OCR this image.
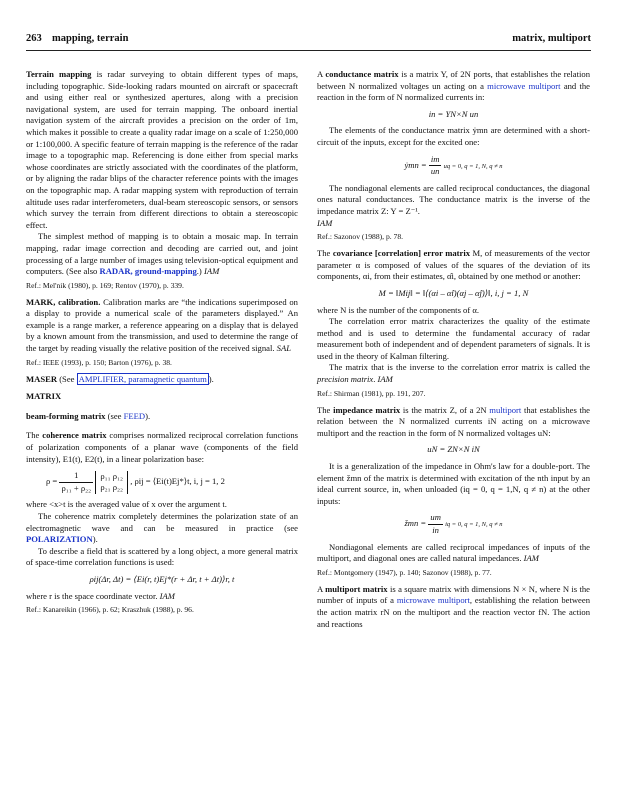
263 mapping, terrain	matrix, multiport

Terrain mapping is radar surveying to obtain different types of maps, including topographic. Side-looking radars mounted on aircraft or spacecraft and using either real or synthesized apertures, along with a precision navigational system, are used for terrain mapping. The onboard inertial navigation system of the aircraft provides a precision on the order of 1m, which makes it possible to create a quality radar image on a scale of 1:250,000 or 1:100,000. A specific feature of terrain mapping is the reference of the radar image to a topographic map. Referencing is done either from special marks whose coordinates are strictly associated with the coordinates of the platform, or by aligning the radar blips of the character reference points with the images on the topographic map. A radar mapping system with reproduction of terrain altitude uses radar interferometers, dual-beam stereoscopic sensors, or sensors which survey the terrain from different directions to obtain a stereoscopic effect.

The simplest method of mapping is to obtain a mosaic map. In terrain mapping, radar image correction and decoding are carried out, and joint processing of a large number of images using television-optical equipment and computers. (See also RADAR, ground-mapping.) IAM

Ref.: Mel'nik (1980), p. 169; Rentov (1970), p. 339.

MARK, calibration. Calibration marks are “the indications superimposed on a display to provide a numerical scale of the parameters displayed.” An example is a range marker, a reference appearing on a display that is delayed by a known amount from the transmission, and used to determine the range of the target by reading visually the relative position of the received signal. SAL

Ref.: IEEE (1993), p. 150; Barton (1976), p. 38.

MASER (See AMPLIFIER, paramagnetic quantum ).

MATRIX

beam-forming matrix (see FEED).

The coherence matrix comprises normalized reciprocal correlation functions of polarization components of a planar wave (components of the field intensity), E1(t), E2(t), in a linear polarization base:

$\rho = \frac{1}{\text{ρ₁₁ + ρ₂₂}}$
ρ₁₁ ρ₁₂
ρ₂₁ ρ₂₂
, ρij = ⟨Ei(t)Ej*⟩t, i, j = 1, 2

where <x>t is the averaged value of x over the argument t.

The coherence matrix completely determines the polarization state of an electromagnetic wave and can be measured in practice (see POLARIZATION).

To describe a field that is scattered by a long object, a more general matrix of space-time correlation functions is used:

ρij(Δr, Δt) = ⟨Ei(r, t)Ej*(r + Δr, t + Δt)⟩r, t

where r is the space coordinate vector. IAM

Ref.: Kanareikin (1966), p. 62; Kraszhuk (1988), p. 96.

A conductance matrix is a matrix Y, of 2N ports, that establishes the relation between N normalized voltages un acting on a microwave multiport and the reaction in the form of N normalized currents in:

in = YN×N un

The elements of the conductance matrix ẏmn are determined with a short-circuit of the inputs, except for the excited one:

ẏmn = $\frac{im}{un}$ uq = 0, q = 1, N, q ≠ n

The nondiagonal elements are called reciprocal conductances, the diagonal ones natural conductances. The conductance matrix is the inverse of the impedance matrix Z: Y = Z⁻¹.

IAM

Ref.: Sazonov (1988), p. 78.

The covariance [correlation] error matrix M, of measurements of the vector parameter α is composed of values of the squares of the deviation of its components, αi, from their estimates, α̂i, obtained by one method or another:

M = ‖Mij‖ = ‖⟨(αi – α̂i)(αj – α̂j)⟩‖, i, j = 1, N

where N is the number of the components of α.

The correlation error matrix characterizes the quality of the estimate method and is used to determine the fundamental accuracy of radar measurement both of independent and of dependent parameters of signals. It is used in the theory of Kalman filtering.

The matrix that is the inverse to the correlation error matrix is called the precision matrix. IAM

Ref.: Shirman (1981), pp. 191, 207.

The impedance matrix is the matrix Z, of a 2N multiport that establishes the relation between the N normalized currents iN acting on a microwave multiport and the reaction in the form of N normalized voltages uN:

uN = ZN×N iN

It is a generalization of the impedance in Ohm's law for a double-port. The element žmn of the matrix is determined with excitation of the nth input by an ideal current source, in, when unloaded (iq = 0, q = 1,N, q ≠ n) at the other inputs:

žmn = $\frac{um}{in}$ iq = 0, q = 1, N, q ≠ n

Nondiagonal elements are called reciprocal impedances of inputs of the multiport, and diagonal ones are called natural impedances. IAM

Ref.: Montgomery (1947), p. 140; Sazonov (1988), p. 77.

A multiport matrix is a square matrix with dimensions N × N, where N is the number of inputs of a microwave multiport, establishing the relation between the action matrix rN on the multiport and the reaction vector fN. The action and reactions
